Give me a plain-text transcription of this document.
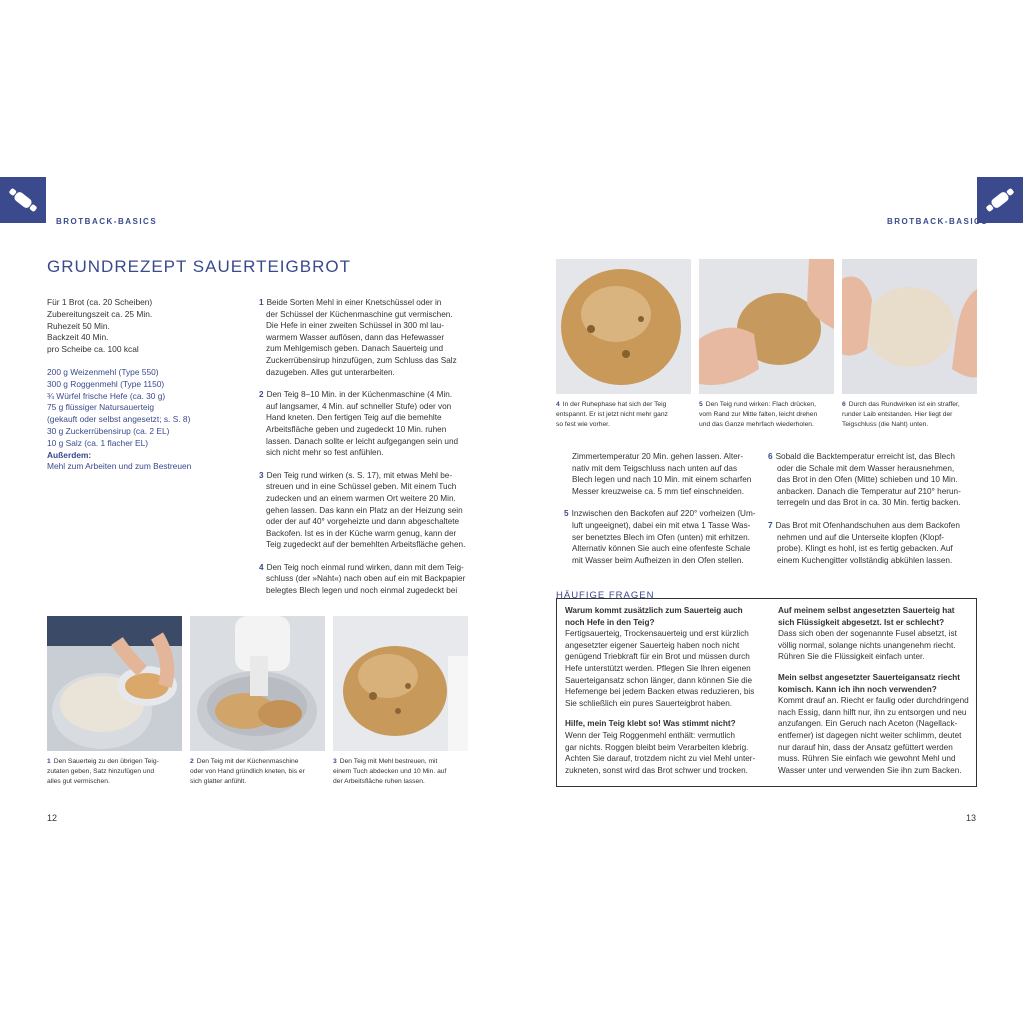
BROTBACK-BASICS	BROTBACK-BASICS
GRUNDREZEPT SAUERTEIGBROT
Für 1 Brot (ca. 20 Scheiben)
Zubereitungszeit ca. 25 Min.
Ruhezeit 50 Min.
Backzeit 40 Min.
pro Scheibe ca. 100 kcal
200 g Weizenmehl (Type 550)
300 g Roggenmehl (Type 1150)
¾ Würfel frische Hefe (ca. 30 g)
75 g flüssiger Natursauerteig
(gekauft oder selbst angesetzt; s. S. 8)
30 g Zuckerrübensirup (ca. 2 EL)
10 g Salz (ca. 1 flacher EL)
Außerdem:
Mehl zum Arbeiten und zum Bestreuen
1 Beide Sorten Mehl in einer Knetschüssel oder in
der Schüssel der Küchenmaschine gut vermischen.
Die Hefe in einer zweiten Schüssel in 300 ml lau-
warmem Wasser auflösen, dann das Hefewasser
zum Mehlgemisch geben. Danach Sauerteig und
Zuckerrübensirup hinzufügen, zum Schluss das Salz
dazugeben. Alles gut unterarbeiten.
2 Den Teig 8–10 Min. in der Küchenmaschine (4 Min.
auf langsamer, 4 Min. auf schneller Stufe) oder von
Hand kneten. Den fertigen Teig auf die bemehlte
Arbeitsfläche geben und zugedeckt 10 Min. ruhen
lassen. Danach sollte er leicht aufgegangen sein und
sich nicht mehr so fest anfühlen.
3 Den Teig rund wirken (s. S. 17), mit etwas Mehl be-
streuen und in eine Schüssel geben. Mit einem Tuch
zudecken und an einem warmen Ort weitere 20 Min.
gehen lassen. Das kann ein Platz an der Heizung sein
oder der auf 40° vorgeheizte und dann abgeschaltete
Backofen. Ist es in der Küche warm genug, kann der
Teig zugedeckt auf der bemehlten Arbeitsfläche gehen.
4 Den Teig noch einmal rund wirken, dann mit dem Teig-
schluss (der »Naht«) nach oben auf ein mit Backpapier
belegtes Blech legen und noch einmal zugedeckt bei
1 Den Sauerteig zu den übrigen Teig-
zutaten geben, Satz hinzufügen und
alles gut vermischen.
2 Den Teig mit der Küchenmaschine
oder von Hand gründlich kneten, bis er
sich glatter anfühlt.
3 Den Teig mit Mehl bestreuen, mit
einem Tuch abdecken und 10 Min. auf
der Arbeitsfläche ruhen lassen.
12
4 In der Ruhephase hat sich der Teig
entspannt. Er ist jetzt nicht mehr ganz
so fest wie vorher.
5 Den Teig rund wirken: Flach drücken,
vom Rand zur Mitte falten, leicht drehen
und das Ganze mehrfach wiederholen.
6 Durch das Rundwirken ist ein straffer,
runder Laib entstanden. Hier liegt der
Teigschluss (die Naht) unten.
Zimmertemperatur 20 Min. gehen lassen. Alter-
nativ mit dem Teigschluss nach unten auf das
Blech legen und nach 10 Min. mit einem scharfen
Messer kreuzweise ca. 5 mm tief einschneiden.
5 Inzwischen den Backofen auf 220° vorheizen (Um-
luft ungeeignet), dabei ein mit etwa 1 Tasse Was-
ser benetztes Blech im Ofen (unten) mit erhitzen.
Alternativ können Sie auch eine ofenfeste Schale
mit Wasser beim Aufheizen in den Ofen stellen.
6 Sobald die Backtemperatur erreicht ist, das Blech
oder die Schale mit dem Wasser herausnehmen,
das Brot in den Ofen (Mitte) schieben und 10 Min.
anbacken. Danach die Temperatur auf 210° herun-
terregeln und das Brot in ca. 30 Min. fertig backen.
7 Das Brot mit Ofenhandschuhen aus dem Backofen
nehmen und auf die Unterseite klopfen (Klopf-
probe). Klingt es hohl, ist es fertig gebacken. Auf
einem Kuchengitter vollständig abkühlen lassen.
HÄUFIGE FRAGEN
Warum kommt zusätzlich zum Sauerteig auch
noch Hefe in den Teig?
Fertigsauerteig, Trockensauerteig und erst kürzlich
angesetzter eigener Sauerteig haben noch nicht
genügend Triebkraft für ein Brot und müssen durch
Hefe unterstützt werden. Pflegen Sie Ihren eigenen
Sauerteigansatz schon länger, dann können Sie die
Hefemenge bei jedem Backen etwas reduzieren, bis
Sie schließlich ein pures Sauerteigbrot haben.
Hilfe, mein Teig klebt so! Was stimmt nicht?
Wenn der Teig Roggenmehl enthält: vermutlich
gar nichts. Roggen bleibt beim Verarbeiten klebrig.
Achten Sie darauf, trotzdem nicht zu viel Mehl unter-
zukneten, sonst wird das Brot schwer und trocken.
Auf meinem selbst angesetzten Sauerteig hat
sich Flüssigkeit abgesetzt. Ist er schlecht?
Dass sich oben der sogenannte Fusel absetzt, ist
völlig normal, solange nichts unangenehm riecht.
Rühren Sie die Flüssigkeit einfach unter.
Mein selbst angesetzter Sauerteigansatz riecht
komisch. Kann ich ihn noch verwenden?
Kommt drauf an. Riecht er faulig oder durchdringend
nach Essig, dann hilft nur, ihn zu entsorgen und neu
anzufangen. Ein Geruch nach Aceton (Nagellack-
entferner) ist dagegen nicht weiter schlimm, deutet
nur darauf hin, dass der Ansatz gefüttert werden
muss. Rühren Sie einfach wie gewohnt Mehl und
Wasser unter und verwenden Sie ihn zum Backen.
13
